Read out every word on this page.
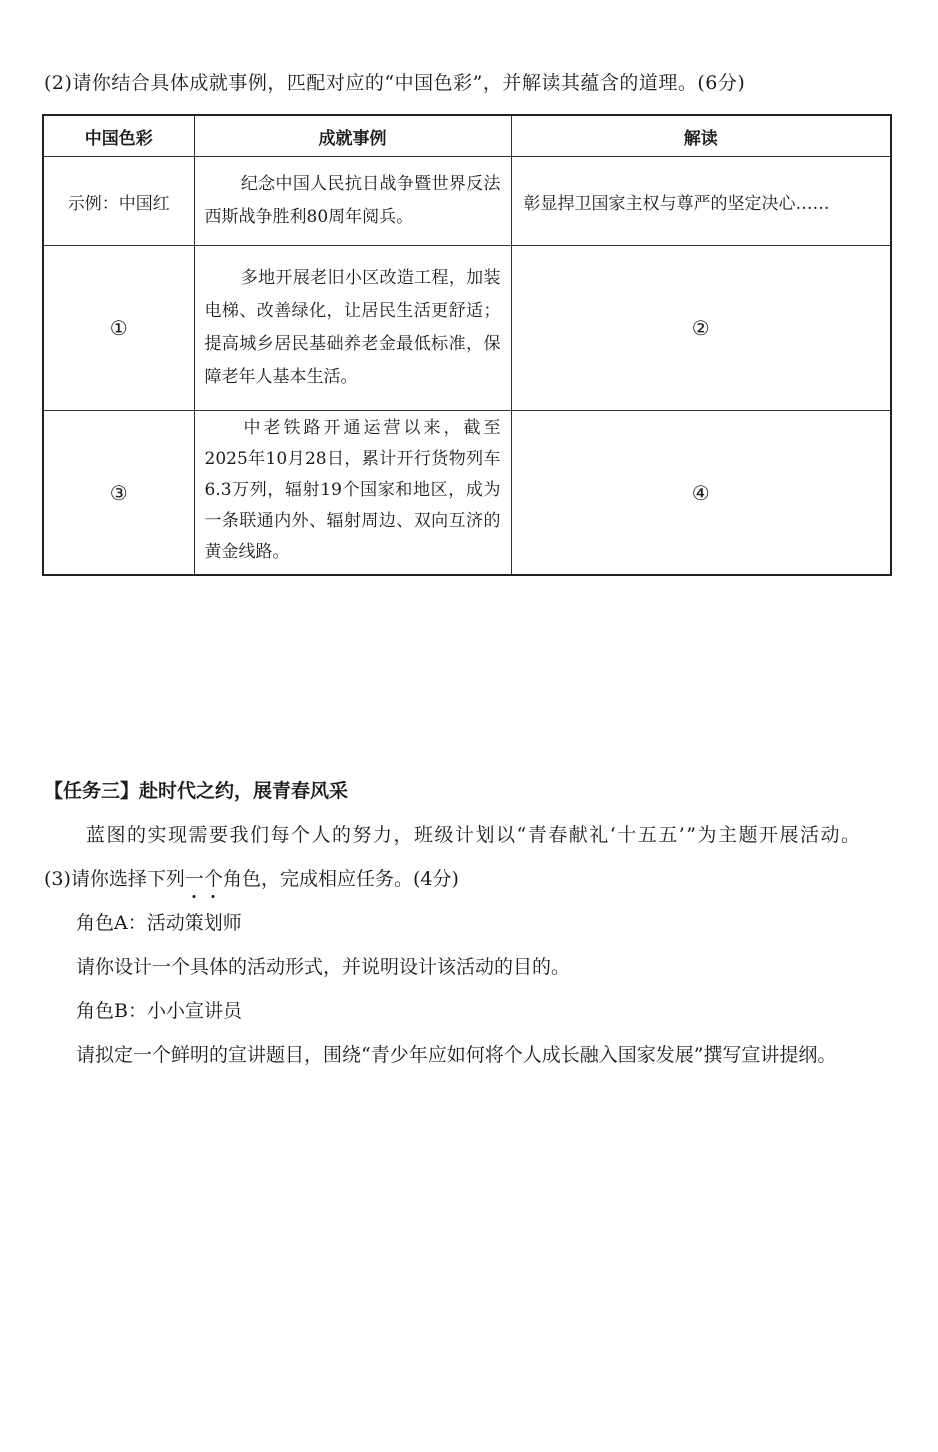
(2)请你结合具体成就事例，匹配对应的“中国色彩”，并解读其蕴含的道理。(6分)
中国色彩	成就事例	解读
示例：中国红	纪念中国人民抗日战争暨世界反法西斯战争胜利80周年阅兵。	彰显捍卫国家主权与尊严的坚定决心……
①	多地开展老旧小区改造工程，加装电梯、改善绿化，让居民生活更舒适；提高城乡居民基础养老金最低标准，保障老年人基本生活。	②
③	中老铁路开通运营以来，截至2025年10月28日，累计开行货物列车6.3万列，辐射19个国家和地区，成为一条联通内外、辐射周边、双向互济的黄金线路。	④
【任务三】赴时代之约，展青春风采
蓝图的实现需要我们每个人的努力，班级计划以“青春献礼‘十五五’”为主题开展活动。
(3)请你选择下列一个角色，完成相应任务。(4分)
角色A：活动策划师
请你设计一个具体的活动形式，并说明设计该活动的目的。
角色B：小小宣讲员
请拟定一个鲜明的宣讲题目，围绕“青少年应如何将个人成长融入国家发展”撰写宣讲提纲。
